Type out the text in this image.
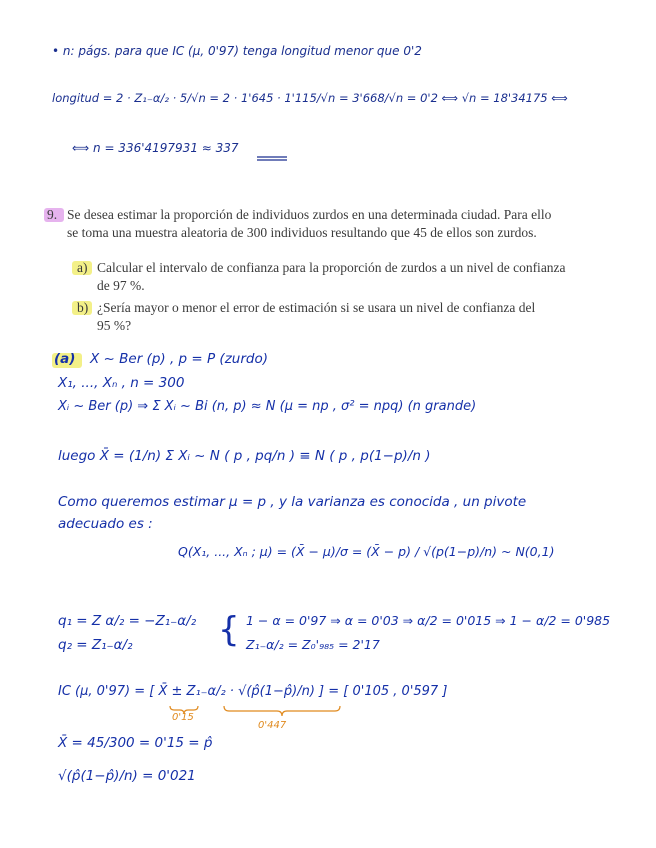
• n: págs. para que IC (μ, 0'97) tenga longitud menor que 0'2
longitud = 2 · Z₁₋α/₂ · 5/√n = 2 · 1'645 · 1'115/√n = 3'668/√n = 0'2 ⟺ √n = 18'34175 ⟺
⟺ n = 336'4197931 ≈ 337
9. Se desea estimar la proporción de individuos zurdos en una determinada ciudad. Para ello
se toma una muestra aleatoria de 300 individuos resultando que 45 de ellos son zurdos.
a) Calcular el intervalo de confianza para la proporción de zurdos a un nivel de confianza
de 97 %.
b) ¿Sería mayor o menor el error de estimación si se usara un nivel de confianza del
95 %?
(a) X ~ Ber (p) , p = P (zurdo)
X₁, ..., Xₙ , n = 300
Xᵢ ~ Ber (p) ⇒ Σ Xᵢ ~ Bi (n, p) ≈ N (μ = np , σ² = npq) (n grande)
luego X̄ = (1/n) Σ Xᵢ ~ N ( p , pq/n ) ≡ N ( p , p(1−p)/n )
Como queremos estimar μ = p , y la varianza es conocida , un pivote
adecuado es :
Q(X₁, ..., Xₙ ; μ) = (X̄ − μ)/σ = (X̄ − p) / √(p(1−p)/n) ~ N(0,1)
q₁ = Z α/₂ = −Z₁₋α/₂
q₂ = Z₁₋α/₂	{ 1 − α = 0'97 ⇒ α = 0'03 ⇒ α/2 = 0'015 ⇒ 1 − α/2 = 0'985
Z₁₋α/₂ = Z₀'₉₈₅ = 2'17
IC (μ, 0'97) = [ X̄ ± Z₁₋α/₂ · √(p̂(1−p̂)/n) ] = [ 0'105 , 0'597 ]
0'15
0'447
X̄ = 45/300 = 0'15 = p̂
√(p̂(1−p̂)/n) = 0'021
